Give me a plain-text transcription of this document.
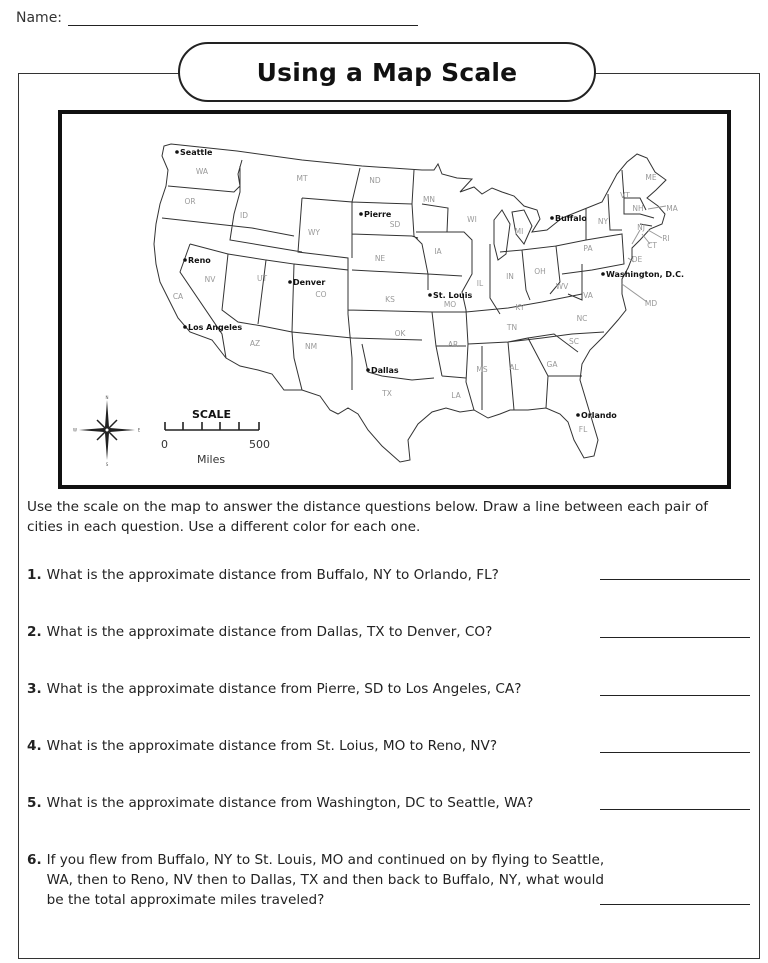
Name:
Using a Map Scale
WA
OR
CA
ID
NV
MT
WY
UT
AZ
CO
NM
ND
SD
NE
KS
OK
TX
MN
IA
MO
AR
LA
WI
IL
MI
IN
OH
KY
TN
MS	AL	GA
FL
SC
NC
VA
WV
PA
NY
VT
NH
ME
MA
RI
CT
NJ
DE
MD
Seattle
Pierre
Reno
Denver
Buffalo
St. Louis
Washington, D.C.
Los Angeles
Dallas
Orlando
N
S
W	E
SCALE
0	500
Miles
Use the scale on the map to answer the distance questions below. Draw a line between each pair of cities in each question. Use a different color for each one.
1. What is the approximate distance from Buffalo, NY to Orlando, FL?
2. What is the approximate distance from Dallas, TX to Denver, CO?
3. What is the approximate distance from Pierre, SD to Los Angeles, CA?
4. What is the approximate distance from St. Loius, MO to Reno, NV?
5. What is the approximate distance from Washington, DC to Seattle, WA?
6. If you flew from Buffalo, NY to St. Louis, MO and continued on by flying to Seattle, WA, then to Reno, NV then to Dallas, TX and then back to Buffalo, NY, what would be the total approximate miles traveled?
